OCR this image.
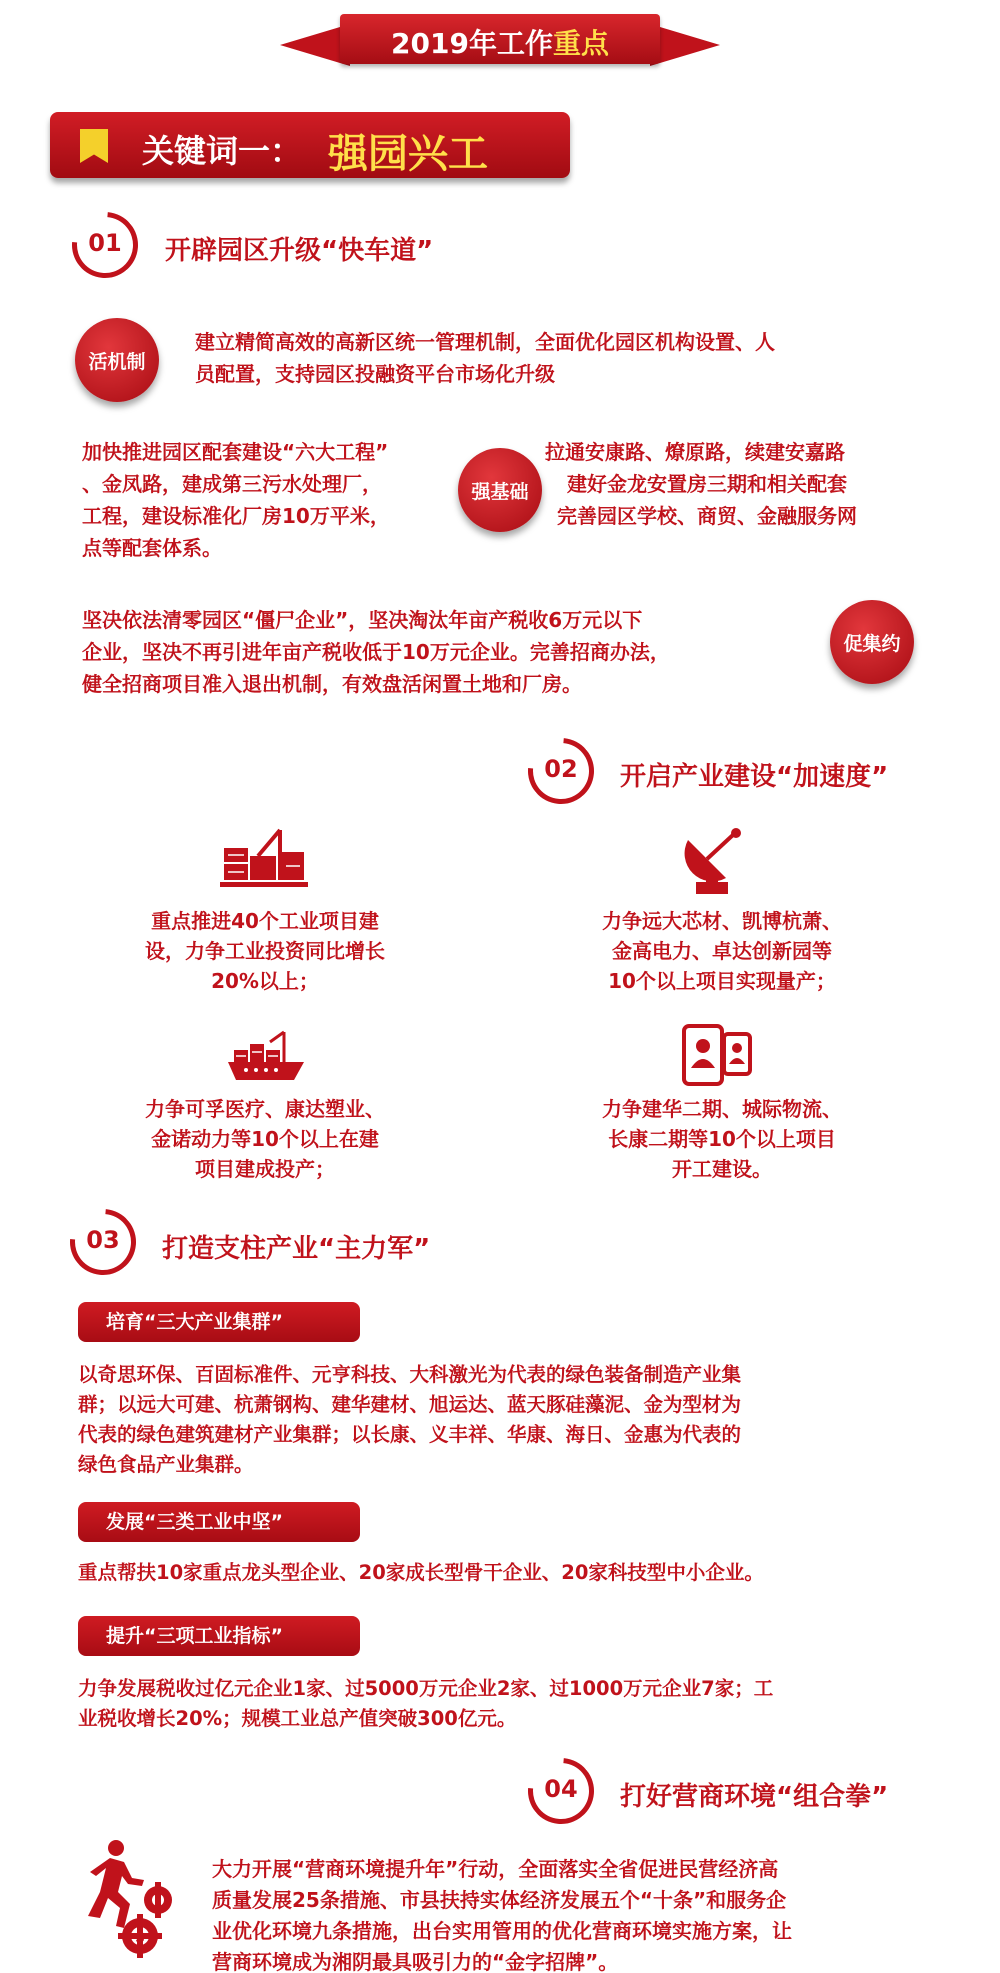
2019年工作重点
关键词一： 强园兴工
01	开辟园区升级“快车道”
活机制
建立精简高效的高新区统一管理机制，全面优化园区机构设置、人
员配置，支持园区投融资平台市场化升级
加快推进园区配套建设“六大工程”
、金凤路，建成第三污水处理厂，
工程，建设标准化厂房10万平米，
点等配套体系。
强基础
拉通安康路、燎原路，续建安嘉路
建好金龙安置房三期和相关配套
完善园区学校、商贸、金融服务网
坚决依法清零园区“僵尸企业”，坚决淘汰年亩产税收6万元以下
企业，坚决不再引进年亩产税收低于10万元企业。完善招商办法，
健全招商项目准入退出机制，有效盘活闲置土地和厂房。
促集约
02	开启产业建设“加速度”
重点推进40个工业项目建
设，力争工业投资同比增长
20%以上；
力争远大芯材、凯博杭萧、
金高电力、卓达创新园等
10个以上项目实现量产；
力争可孚医疗、康达塑业、
金诺动力等10个以上在建
项目建成投产；
力争建华二期、城际物流、
长康二期等10个以上项目
开工建设。
03	打造支柱产业“主力军”
培育“三大产业集群”
以奇思环保、百固标准件、元亨科技、大科激光为代表的绿色装备制造产业集
群；以远大可建、杭萧钢构、建华建材、旭运达、蓝天豚硅藻泥、金为型材为
代表的绿色建筑建材产业集群；以长康、义丰祥、华康、海日、金惠为代表的
绿色食品产业集群。
发展“三类工业中坚”
重点帮扶10家重点龙头型企业、20家成长型骨干企业、20家科技型中小企业。
提升“三项工业指标”
力争发展税收过亿元企业1家、过5000万元企业2家、过1000万元企业7家；工
业税收增长20%；规模工业总产值突破300亿元。
04	打好营商环境“组合拳”
$
大力开展“营商环境提升年”行动，全面落实全省促进民营经济高
质量发展25条措施、市县扶持实体经济发展五个“十条”和服务企
业优化环境九条措施，出台实用管用的优化营商环境实施方案，让
营商环境成为湘阴最具吸引力的“金字招牌”。
